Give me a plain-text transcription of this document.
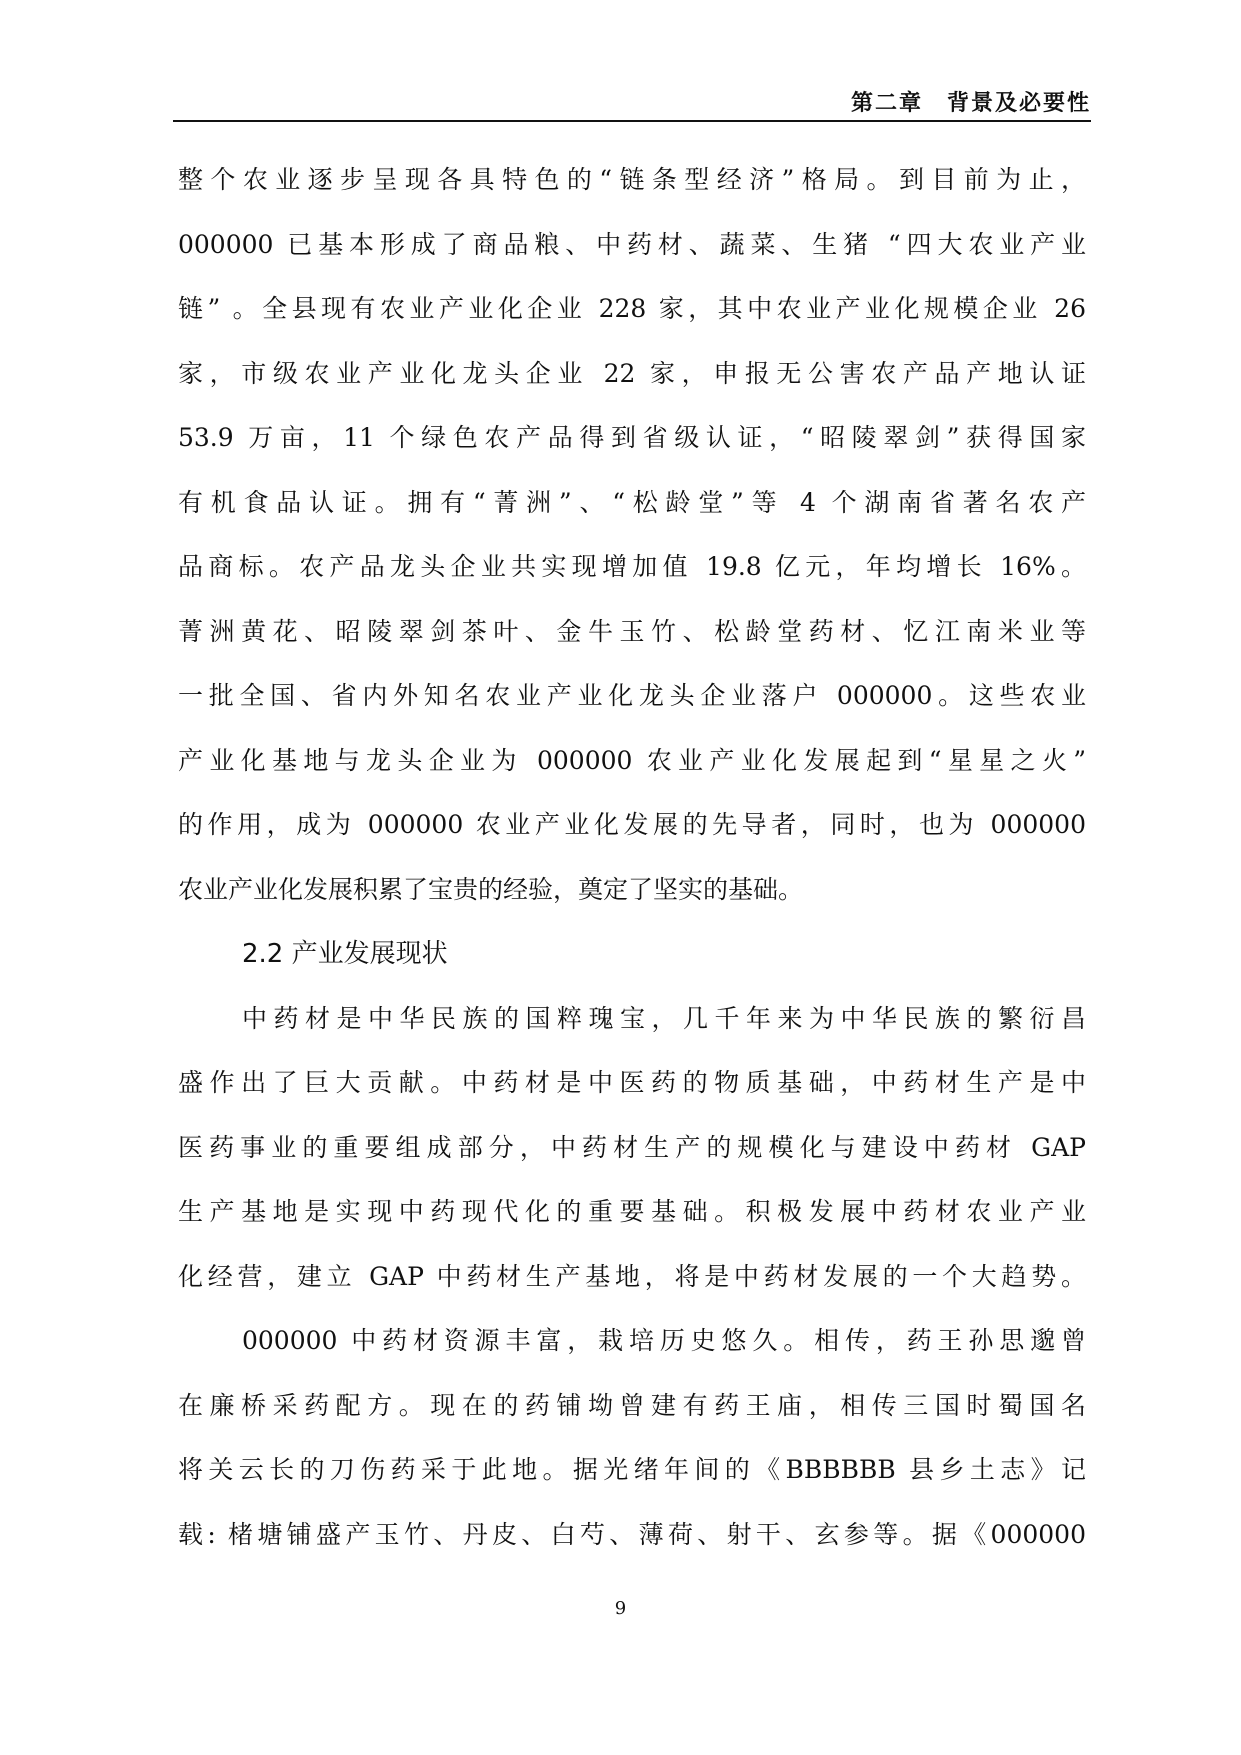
第二章　背景及必要性
整个农业逐步呈现各具特色的“链条型经济”格局。到目前为止，
000000 已基本形成了商品粮、中药材、蔬菜、生猪 “四大农业产业
链” 。全县现有农业产业化企业 228 家，其中农业产业化规模企业 26
家，市级农业产业化龙头企业 22 家，申报无公害农产品产地认证
53.9 万亩，11 个绿色农产品得到省级认证，“昭陵翠剑”获得国家
有机食品认证。拥有“菁洲”、“松龄堂”等 4 个湖南省著名农产
品商标。农产品龙头企业共实现增加值 19.8 亿元，年均增长 16%。
菁洲黄花、昭陵翠剑茶叶、金牛玉竹、松龄堂药材、忆江南米业等
一批全国、省内外知名农业产业化龙头企业落户 000000。这些农业
产业化基地与龙头企业为 000000 农业产业化发展起到“星星之火”
的作用，成为 000000 农业产业化发展的先导者，同时，也为 000000
农业产业化发展积累了宝贵的经验，奠定了坚实的基础。
2.2 产业发展现状
中药材是中华民族的国粹瑰宝，几千年来为中华民族的繁衍昌
盛作出了巨大贡献。中药材是中医药的物质基础，中药材生产是中
医药事业的重要组成部分，中药材生产的规模化与建设中药材 GAP
生产基地是实现中药现代化的重要基础。积极发展中药材农业产业
化经营，建立 GAP 中药材生产基地，将是中药材发展的一个大趋势。
000000 中药材资源丰富，栽培历史悠久。相传，药王孙思邈曾
在廉桥采药配方。现在的药铺坳曾建有药王庙，相传三国时蜀国名
将关云长的刀伤药采于此地。据光绪年间的《BBBBBB 县乡土志》记
载: 楮塘铺盛产玉竹、丹皮、白芍、薄荷、射干、玄参等。据《000000
9
